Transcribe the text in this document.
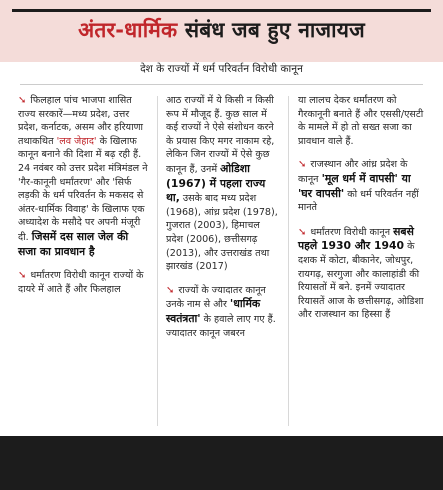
अंतर-धार्मिक संबंध जब हुए नाजायज
देश के राज्यों में धर्म परिवर्तन विरोधी कानून

➘ फिलहाल पांच भाजपा शासित राज्य सरकारें—मध्य प्रदेश, उत्तर प्रदेश, कर्नाटक, असम और हरियाणा तथाकथित 'लव जेहाद' के खिलाफ कानून बनाने की दिशा में बढ़ रही हैं. 24 नवंबर को उत्तर प्रदेश मंत्रिमंडल ने 'गैर-कानूनी धर्मांतरण' और 'सिर्फ लड़की के धर्म परिवर्तन के मकसद से अंतर-धार्मिक विवाह' के खिलाफ एक अध्यादेश के मसौदे पर अपनी मंजूरी दी. जिसमें दस साल जेल की सजा का प्रावधान है

➘ धर्मांतरण विरोधी कानून राज्यों के दायरे में आते हैं और फिलहाल

आठ राज्यों में ये किसी न किसी रूप में मौजूद हैं. कुछ साल में कई राज्यों ने ऐसे संशोधन करने के प्रयास किए मगर नाकाम रहे, लेकिन जिन राज्यों में ऐसे कुछ कानून हैं, उनमें ओडिशा (1967) में पहला राज्य था, उसके बाद मध्य प्रदेश (1968), आंध्र प्रदेश (1978), गुजरात (2003), हिमाचल प्रदेश (2006), छत्तीसगढ़ (2013), और उत्तराखंड तथा झारखंड (2017)

➘ राज्यों के ज्यादातर कानून उनके नाम से और 'धार्मिक स्वतंत्रता' के हवाले लाए गए हैं. ज्यादातर कानून जबरन

या लालच देकर धर्मांतरण को गैरकानूनी बनाते हैं और एससी/एसटी के मामले में हो तो सख्त सजा का प्रावधान वाले हैं.

➘ राजस्थान और आंध्र प्रदेश के कानून 'मूल धर्म में वापसी' या 'घर वापसी' को धर्म परिवर्तन नहीं मानते

➘ धर्मांतरण विरोधी कानून सबसे पहले 1930 और 1940 के दशक में कोटा, बीकानेर, जोधपुर, रायगढ़, सरगुजा और कालाहांडी की रियासतों में बने. इनमें ज्यादातर रियासतें आज के छत्तीसगढ़, ओडिशा और राजस्थान का हिस्सा हैं
